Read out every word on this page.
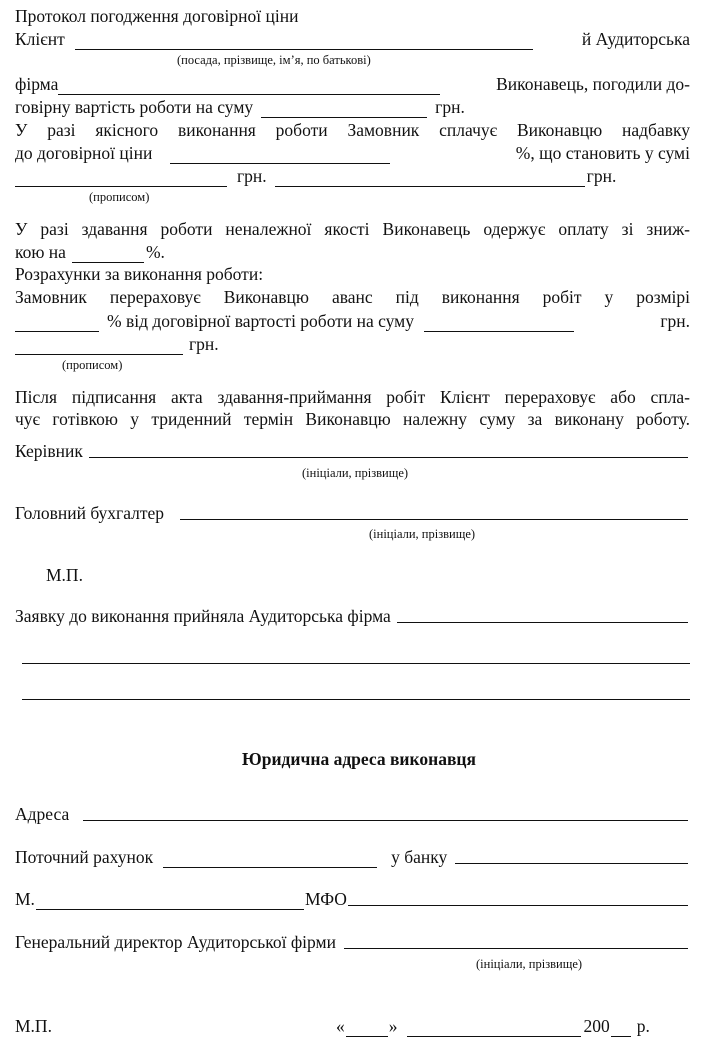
Протокол погодження договірної ціни
Клієнт	й Аудиторська
(посада, прізвище, ім’я, по батькові)
фірма	Виконавець, погодили до-
говірну вартість роботи на суму	грн.
У разі якісного виконання роботи Замовник сплачує Виконавцю надбавку
до договірної ціни	%, що становить у сумі
грн.	грн.
(прописом)
У разі здавання роботи неналежної якості Виконавець одержує оплату зі зниж-
кою на	%.
Розрахунки за виконання роботи:
Замовник перераховує Виконавцю аванс під виконання робіт у розмірі
% від договірної вартості роботи на суму	грн.
грн.
(прописом)
Після підписання акта здавання-приймання робіт Клієнт перераховує або спла-
чує готівкою у триденний термін Виконавцю належну суму за виконану роботу.
Керівник
(ініціали, прізвище)
Головний бухгалтер
(ініціали, прізвище)
М.П.
Заявку до виконання прийняла Аудиторська фірма
Юридична адреса виконавця
Адреса
Поточний рахунок	у банку
М.	МФО
Генеральний директор Аудиторської фірми
(ініціали, прізвище)
М.П.	«	»	200 р.
